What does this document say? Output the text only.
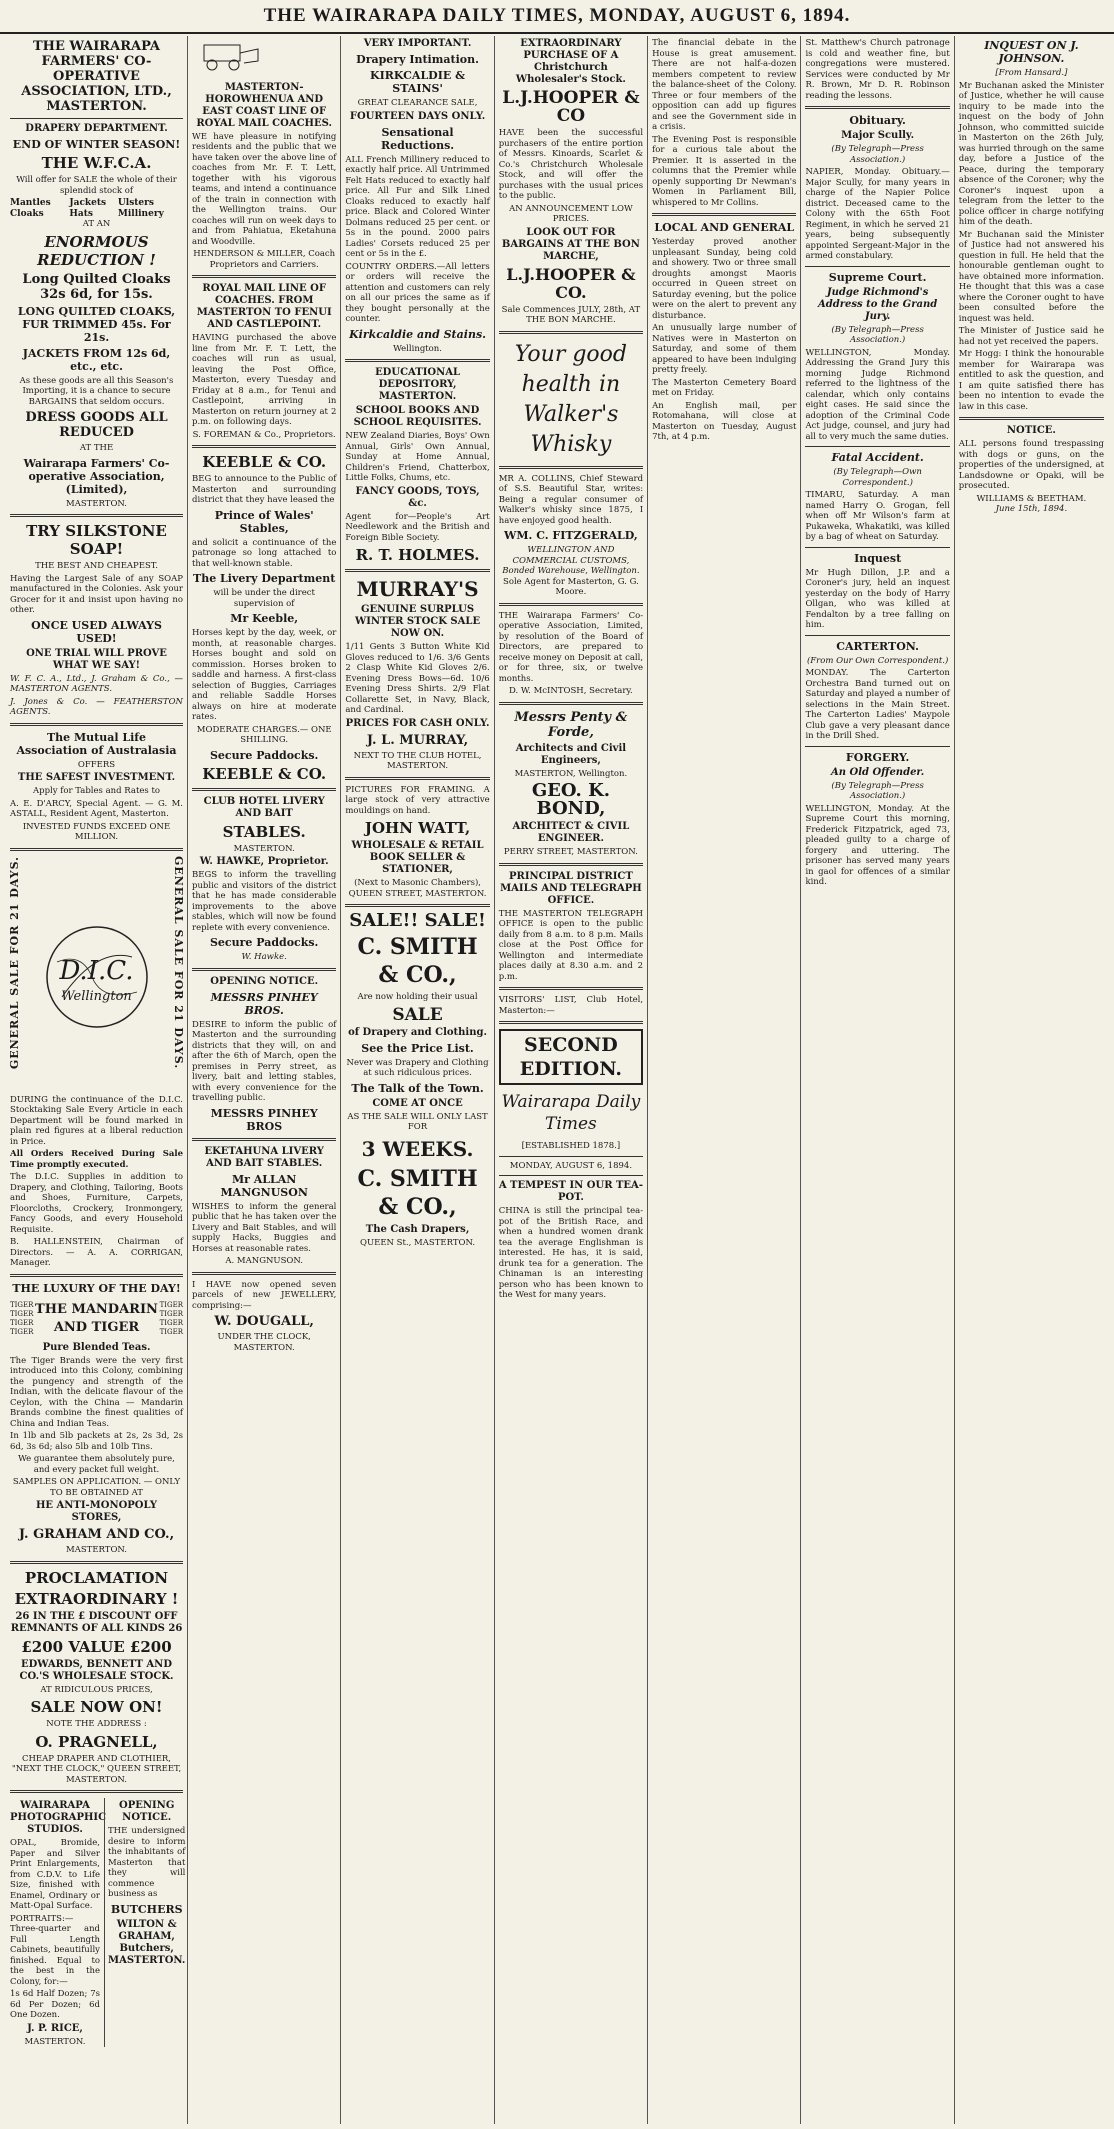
THE WAIRARAPA DAILY TIMES, MONDAY, AUGUST 6, 1894.
THE WAIRARAPA FARMERS' CO-OPERATIVE ASSOCIATION, LTD., MASTERTON.
DRAPERY DEPARTMENT.
END OF WINTER SEASON!
THE W.F.C.A.

Will offer for SALE the whole of their splendid stock of

Mantles Cloaks
Jackets Hats
Ulsters Millinery
AT AN
ENORMOUS REDUCTION !
Long Quilted Cloaks 32s 6d, for 15s.
LONG QUILTED CLOAKS, FUR TRIMMED 45s. For 21s.
JACKETS FROM 12s 6d, etc., etc.

As these goods are all this Season's Importing, it is a chance to secure BARGAINS that seldom occurs.

DRESS GOODS ALL REDUCED
AT THE
Wairarapa Farmers' Co-operative Association, (Limited),
MASTERTON.
TRY SILKSTONE SOAP!
THE BEST AND CHEAPEST.

Having the Largest Sale of any SOAP manufactured in the Colonies. Ask your Grocer for it and insist upon having no other.

ONCE USED ALWAYS USED!
ONE TRIAL WILL PROVE WHAT WE SAY!

W. F. C. A., Ltd., J. Graham & Co., — MASTERTON AGENTS.

J. Jones & Co. — FEATHERSTON AGENTS.

The Mutual Life Association of Australasia
OFFERS
THE SAFEST INVESTMENT.
Apply for Tables and Rates to

A. E. D'ARCY, Special Agent. — G. M. ASTALL, Resident Agent, Masterton.

INVESTED FUNDS EXCEED ONE MILLION.
GENERAL SALE FOR 21 DAYS.	D.I.C.
Wellington	GENERAL SALE FOR 21 DAYS.

DURING the continuance of the D.I.C. Stocktaking Sale Every Article in each Department will be found marked in plain red figures at a liberal reduction in Price.

All Orders Received During Sale Time promptly executed.

The D.I.C. Supplies in addition to Drapery, and Clothing, Tailoring, Boots and Shoes, Furniture, Carpets, Floorcloths, Crockery, Ironmongery, Fancy Goods, and every Household Requisite.

B. HALLENSTEIN, Chairman of Directors. — A. A. CORRIGAN, Manager.

THE LUXURY OF THE DAY!
TIGER
TIGER
TIGER
TIGER
THE MANDARIN AND TIGER
TIGER
TIGER
TIGER
TIGER
Pure Blended Teas.

The Tiger Brands were the very first introduced into this Colony, combining the pungency and strength of the Indian, with the delicate flavour of the Ceylon, with the China — Mandarin Brands combine the finest qualities of China and Indian Teas.

In 1lb and 5lb packets at 2s, 2s 3d, 2s 6d, 3s 6d; also 5lb and 10lb Tins.

We guarantee them absolutely pure, and every packet full weight.

SAMPLES ON APPLICATION. — ONLY TO BE OBTAINED AT

HE ANTI-MONOPOLY STORES,
J. GRAHAM AND CO.,
MASTERTON.
PROCLAMATION
EXTRAORDINARY !
26 IN THE £ DISCOUNT OFF REMNANTS OF ALL KINDS 26
£200 VALUE £200
EDWARDS, BENNETT AND CO.'S WHOLESALE STOCK.
AT RIDICULOUS PRICES,
SALE NOW ON!
NOTE THE ADDRESS :
O. PRAGNELL,

CHEAP DRAPER AND CLOTHIER, "NEXT THE CLOCK," QUEEN STREET, MASTERTON.

WAIRARAPA PHOTOGRAPHIC STUDIOS.

OPAL, Bromide, Paper and Silver Print Enlargements, from C.D.V. to Life Size, finished with Enamel, Ordinary or Matt-Opal Surface.

PORTRAITS:— Three-quarter and Full Length Cabinets, beautifully finished. Equal to the best in the Colony, for:—

1s 6d Half Dozen; 7s 6d Per Dozen; 6d One Dozen.

J. P. RICE,
MASTERTON.
OPENING NOTICE.

THE undersigned desire to inform the inhabitants of Masterton that they will commence business as

BUTCHERS
WILTON & GRAHAM, Butchers, MASTERTON.
MASTERTON-HOROWHENUA AND EAST COAST LINE OF ROYAL MAIL COACHES.

WE have pleasure in notifying residents and the public that we have taken over the above line of coaches from Mr. F. T. Lett, together with his vigorous teams, and intend a continuance of the train in connection with the Wellington trains. Our coaches will run on week days to and from Pahiatua, Eketahuna and Woodville.

HENDERSON & MILLER, Coach Proprietors and Carriers.

ROYAL MAIL LINE OF COACHES. FROM MASTERTON TO FENUI AND CASTLEPOINT.

HAVING purchased the above line from Mr. F. T. Lett, the coaches will run as usual, leaving the Post Office, Masterton, every Tuesday and Friday at 8 a.m., for Tenui and Castlepoint, arriving in Masterton on return journey at 2 p.m. on following days.

S. FOREMAN & Co., Proprietors.

KEEBLE & CO.

BEG to announce to the Public of Masterton and surrounding district that they have leased the

Prince of Wales' Stables,

and solicit a continuance of the patronage so long attached to that well-known stable.

The Livery Department

will be under the direct supervision of

Mr Keeble,

Horses kept by the day, week, or month, at reasonable charges. Horses bought and sold on commission. Horses broken to saddle and harness. A first-class selection of Buggies, Carriages and reliable Saddle Horses always on hire at moderate rates.

MODERATE CHARGES.— ONE SHILLING.

Secure Paddocks.
KEEBLE & CO.
CLUB HOTEL LIVERY AND BAIT
STABLES.
MASTERTON.
W. HAWKE, Proprietor.

BEGS to inform the travelling public and visitors of the district that he has made considerable improvements to the above stables, which will now be found replete with every convenience.

Secure Paddocks.

W. Hawke.

OPENING NOTICE.
MESSRS PINHEY BROS.

DESIRE to inform the public of Masterton and the surrounding districts that they will, on and after the 6th of March, open the premises in Perry street, as livery, bait and letting stables, with every convenience for the travelling public.

MESSRS PINHEY BROS
EKETAHUNA LIVERY AND BAIT STABLES.
Mr ALLAN MANGNUSON

WISHES to inform the general public that he has taken over the Livery and Bait Stables, and will supply Hacks, Buggies and Horses at reasonable rates.

A. MANGNUSON.

I HAVE now opened seven parcels of new JEWELLERY, comprising:—

W. DOUGALL,
UNDER THE CLOCK, MASTERTON.
VERY IMPORTANT.
Drapery Intimation.
KIRKCALDIE & STAINS'
GREAT CLEARANCE SALE,
FOURTEEN DAYS ONLY.
Sensational Reductions.

ALL French Millinery reduced to exactly half price. All Untrimmed Felt Hats reduced to exactly half price. All Fur and Silk Lined Cloaks reduced to exactly half price. Black and Colored Winter Dolmans reduced 25 per cent. or 5s in the pound. 2000 pairs Ladies' Corsets reduced 25 per cent or 5s in the £.

COUNTRY ORDERS.—All letters or orders will receive the attention and customers can rely on all our prices the same as if they bought personally at the counter.

Kirkcaldie and Stains.
Wellington.
EDUCATIONAL DEPOSITORY, MASTERTON.
SCHOOL BOOKS AND SCHOOL REQUISITES.

NEW Zealand Diaries, Boys' Own Annual, Girls' Own Annual, Sunday at Home Annual, Children's Friend, Chatterbox, Little Folks, Chums, etc.

FANCY GOODS, TOYS, &c.

Agent for—People's Art Needlework and the British and Foreign Bible Society.

R. T. HOLMES.
MURRAY'S
GENUINE SURPLUS WINTER STOCK SALE NOW ON.

1/11 Gents 3 Button White Kid Gloves reduced to 1/6. 3/6 Gents 2 Clasp White Kid Gloves 2/6. Evening Dress Bows—6d. 10/6 Evening Dress Shirts. 2/9 Flat Collarette Set, in Navy, Black, and Cardinal.

PRICES FOR CASH ONLY.
J. L. MURRAY,
NEXT TO THE CLUB HOTEL, MASTERTON.

PICTURES FOR FRAMING. A large stock of very attractive mouldings on hand.

JOHN WATT,
WHOLESALE & RETAIL BOOK SELLER & STATIONER,
(Next to Masonic Chambers), QUEEN STREET, MASTERTON.
SALE!! SALE!
C. SMITH & CO.,
Are now holding their usual
SALE
of Drapery and Clothing.
See the Price List.

Never was Drapery and Clothing at such ridiculous prices.

The Talk of the Town.
COME AT ONCE
AS THE SALE WILL ONLY LAST FOR
3 WEEKS.
C. SMITH & CO.,
The Cash Drapers,
QUEEN St., MASTERTON.
EXTRAORDINARY PURCHASE OF A Christchurch Wholesaler's Stock.
L.J.HOOPER & CO

HAVE been the successful purchasers of the entire portion of Messrs. Kinoards, Scarlet & Co.'s Christchurch Wholesale Stock, and will offer the purchases with the usual prices to the public.

AN ANNOUNCEMENT LOW PRICES.
LOOK OUT FOR BARGAINS AT THE BON MARCHE,
L.J.HOOPER & CO.
Sale Commences JULY, 28th, AT THE BON MARCHE.
Your good health in Walker's Whisky

MR A. COLLINS, Chief Steward of S.S. Beautiful Star, writes: Being a regular consumer of Walker's whisky since 1875, I have enjoyed good health.

WM. C. FITZGERALD,
WELLINGTON AND COMMERCIAL CUSTOMS, Bonded Warehouse, Wellington.
Sole Agent for Masterton, G. G. Moore.

THE Wairarapa Farmers' Co-operative Association, Limited, by resolution of the Board of Directors, are prepared to receive money on Deposit at call, or for three, six, or twelve months.

D. W. McINTOSH, Secretary.
Messrs Penty & Forde,
Architects and Civil Engineers,
MASTERTON, Wellington.
GEO. K. BOND,
ARCHITECT & CIVIL ENGINEER.
PERRY STREET, MASTERTON.
PRINCIPAL DISTRICT MAILS AND TELEGRAPH OFFICE.

THE MASTERTON TELEGRAPH OFFICE is open to the public daily from 8 a.m. to 8 p.m. Mails close at the Post Office for Wellington and intermediate places daily at 8.30 a.m. and 2 p.m.

VISITORS' LIST, Club Hotel, Masterton:—

SECOND EDITION.
Wairarapa Daily Times
[ESTABLISHED 1878.]
MONDAY, AUGUST 6, 1894.
A TEMPEST IN OUR TEA-POT.

CHINA is still the principal tea-pot of the British Race, and when a hundred women drank tea the average Englishman is interested. He has, it is said, drunk tea for a generation. The Chinaman is an interesting person who has been known to the West for many years.

The financial debate in the House is great amusement. There are not half-a-dozen members competent to review the balance-sheet of the Colony. Three or four members of the opposition can add up figures and see the Government side in a crisis.

The Evening Post is responsible for a curious tale about the Premier. It is asserted in the columns that the Premier while openly supporting Dr Newman's Women in Parliament Bill, whispered to Mr Collins.

LOCAL AND GENERAL

Yesterday proved another unpleasant Sunday, being cold and showery. Two or three small droughts amongst Maoris occurred in Queen street on Saturday evening, but the police were on the alert to prevent any disturbance.

An unusually large number of Natives were in Masterton on Saturday, and some of them appeared to have been indulging pretty freely.

The Masterton Cemetery Board met on Friday.

An English mail, per Rotomahana, will close at Masterton on Tuesday, August 7th, at 4 p.m.

St. Matthew's Church patronage is cold and weather fine, but congregations were mustered. Services were conducted by Mr R. Brown, Mr D. R. Robinson reading the lessons.

Obituary.
Major Scully.
(By Telegraph—Press Association.)

NAPIER, Monday. Obituary.—Major Scully, for many years in charge of the Napier Police district. Deceased came to the Colony with the 65th Foot Regiment, in which he served 21 years, being subsequently appointed Sergeant-Major in the armed constabulary.

Supreme Court.
Judge Richmond's Address to the Grand Jury.
(By Telegraph—Press Association.)

WELLINGTON, Monday. Addressing the Grand Jury this morning Judge Richmond referred to the lightness of the calendar, which only contains eight cases. He said since the adoption of the Criminal Code Act judge, counsel, and jury had all to very much the same duties.

Fatal Accident.
(By Telegraph—Own Correspondent.)

TIMARU, Saturday. A man named Harry O. Grogan, fell when off Mr Wilson's farm at Pukaweka, Whakatiki, was killed by a bag of wheat on Saturday.

Inquest

Mr Hugh Dillon, J.P. and a Coroner's jury, held an inquest yesterday on the body of Harry Ollgan, who was killed at Fendalton by a tree falling on him.

CARTERTON.
(From Our Own Correspondent.)

MONDAY. The Carterton Orchestra Band turned out on Saturday and played a number of selections in the Main Street. The Carterton Ladies' Maypole Club gave a very pleasant dance in the Drill Shed.

FORGERY.
An Old Offender.
(By Telegraph—Press Association.)

WELLINGTON, Monday. At the Supreme Court this morning, Frederick Fitzpatrick, aged 73, pleaded guilty to a charge of forgery and uttering. The prisoner has served many years in gaol for offences of a similar kind.

INQUEST ON J. JOHNSON.
[From Hansard.]

Mr Buchanan asked the Minister of Justice, whether he will cause inquiry to be made into the inquest on the body of John Johnson, who committed suicide in Masterton on the 26th July, was hurried through on the same day, before a Justice of the Peace, during the temporary absence of the Coroner; why the Coroner's inquest upon a telegram from the letter to the police officer in charge notifying him of the death.

Mr Buchanan said the Minister of Justice had not answered his question in full. He held that the honourable gentleman ought to have obtained more information. He thought that this was a case where the Coroner ought to have been consulted before the inquest was held.

The Minister of Justice said he had not yet received the papers.

Mr Hogg: I think the honourable member for Wairarapa was entitled to ask the question, and I am quite satisfied there has been no intention to evade the law in this case.

NOTICE.

ALL persons found trespassing with dogs or guns, on the properties of the undersigned, at Landsdowne or Opaki, will be prosecuted.

WILLIAMS & BEETHAM.
June 15th, 1894.
